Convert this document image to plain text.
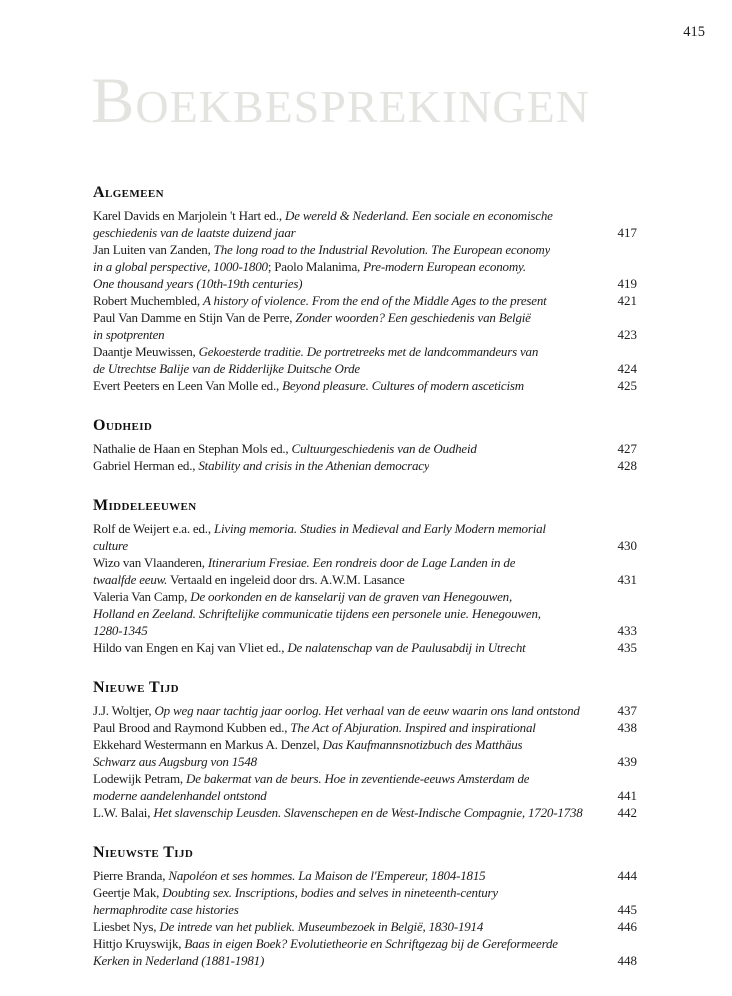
415
BOEKBESPREKINGEN
Algemeen
Karel Davids en Marjolein 't Hart ed., De wereld & Nederland. Een sociale en economische
geschiedenis van de laatste duizend jaar	417
Jan Luiten van Zanden, The long road to the Industrial Revolution. The European economy
in a global perspective, 1000-1800; Paolo Malanima, Pre-modern European economy.
One thousand years (10th-19th centuries)	419
Robert Muchembled, A history of violence. From the end of the Middle Ages to the present	421
Paul Van Damme en Stijn Van de Perre, Zonder woorden? Een geschiedenis van België
in spotprenten	423
Daantje Meuwissen, Gekoesterde traditie. De portretreeks met de landcommandeurs van
de Utrechtse Balije van de Ridderlijke Duitsche Orde	424
Evert Peeters en Leen Van Molle ed., Beyond pleasure. Cultures of modern asceticism	425
Oudheid
Nathalie de Haan en Stephan Mols ed., Cultuurgeschiedenis van de Oudheid	427
Gabriel Herman ed., Stability and crisis in the Athenian democracy	428
Middeleeuwen
Rolf de Weijert e.a. ed., Living memoria. Studies in Medieval and Early Modern memorial
culture	430
Wizo van Vlaanderen, Itinerarium Fresiae. Een rondreis door de Lage Landen in de
twaalfde eeuw. Vertaald en ingeleid door drs. A.W.M. Lasance	431
Valeria Van Camp, De oorkonden en de kanselarij van de graven van Henegouwen,
Holland en Zeeland. Schriftelijke communicatie tijdens een personele unie. Henegouwen,
1280-1345	433
Hildo van Engen en Kaj van Vliet ed., De nalatenschap van de Paulusabdij in Utrecht	435
Nieuwe Tijd
J.J. Woltjer, Op weg naar tachtig jaar oorlog. Het verhaal van de eeuw waarin ons land ontstond	437
Paul Brood and Raymond Kubben ed., The Act of Abjuration. Inspired and inspirational	438
Ekkehard Westermann en Markus A. Denzel, Das Kaufmannsnotizbuch des Matthäus
Schwarz aus Augsburg von 1548	439
Lodewijk Petram, De bakermat van de beurs. Hoe in zeventiende-eeuws Amsterdam de
moderne aandelenhandel ontstond	441
L.W. Balai, Het slavenschip Leusden. Slavenschepen en de West-Indische Compagnie, 1720-1738	442
Nieuwste Tijd
Pierre Branda, Napoléon et ses hommes. La Maison de l'Empereur, 1804-1815	444
Geertje Mak, Doubting sex. Inscriptions, bodies and selves in nineteenth-century
hermaphrodite case histories	445
Liesbet Nys, De intrede van het publiek. Museumbezoek in België, 1830-1914	446
Hittjo Kruyswijk, Baas in eigen Boek? Evolutietheorie en Schriftgezag bij de Gereformeerde
Kerken in Nederland (1881-1981)	448
